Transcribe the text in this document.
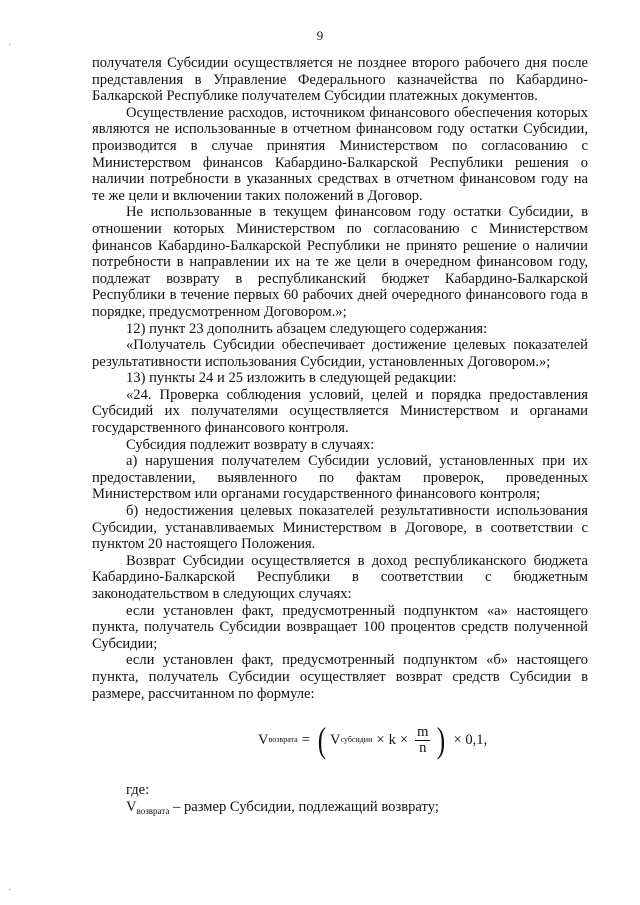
9
·
·

получателя Субсидии осуществляется не позднее второго рабочего дня после представления в Управление Федерального казначейства по Кабардино-Балкарской Республике получателем Субсидии платежных документов.

Осуществление расходов, источником финансового обеспечения которых являются не использованные в отчетном финансовом году остатки Субсидии, производится в случае принятия Министерством по согласованию с Министерством финансов Кабардино-Балкарской Республики решения о наличии потребности в указанных средствах в отчетном финансовом году на те же цели и включении таких положений в Договор.

Не использованные в текущем финансовом году остатки Субсидии, в отношении которых Министерством по согласованию с Министерством финансов Кабардино-Балкарской Республики не принято решение о наличии потребности в направлении их на те же цели в очередном финансовом году, подлежат возврату в республиканский бюджет Кабардино-Балкарской Республики в течение первых 60 рабочих дней очередного финансового года в порядке, предусмотренном Договором.»;

12) пункт 23 дополнить абзацем следующего содержания:

«Получатель Субсидии обеспечивает достижение целевых показателей результативности использования Субсидии, установленных Договором.»;

13) пункты 24 и 25 изложить в следующей редакции:

«24. Проверка соблюдения условий, целей и порядка предоставления Субсидий их получателями осуществляется Министерством и органами государственного финансового контроля.

Субсидия подлежит возврату в случаях:

а) нарушения получателем Субсидии условий, установленных при их предоставлении, выявленного по фактам проверок, проведенных Министерством или органами государственного финансового контроля;

б) недостижения целевых показателей результативности использования Субсидии, устанавливаемых Министерством в Договоре, в соответствии с пунктом 20 настоящего Положения.

Возврат Субсидии осуществляется в доход республиканского бюджета Кабардино-Балкарской Республики в соответствии с бюджетным законодательством в следующих случаях:

если установлен факт, предусмотренный подпунктом «а» настоящего пункта, получатель Субсидии возвращает 100 процентов средств полученной Субсидии;

если установлен факт, предусмотренный подпунктом «б» настоящего пункта, получатель Субсидии осуществляет возврат средств Субсидии в размере, рассчитанном по формуле:

V возврата = ( V субсидии × $k \times \frac{m}{n}$ ) × 0,1,

где:

$V_{возврата}$ – размер Субсидии, подлежащий возврату;
